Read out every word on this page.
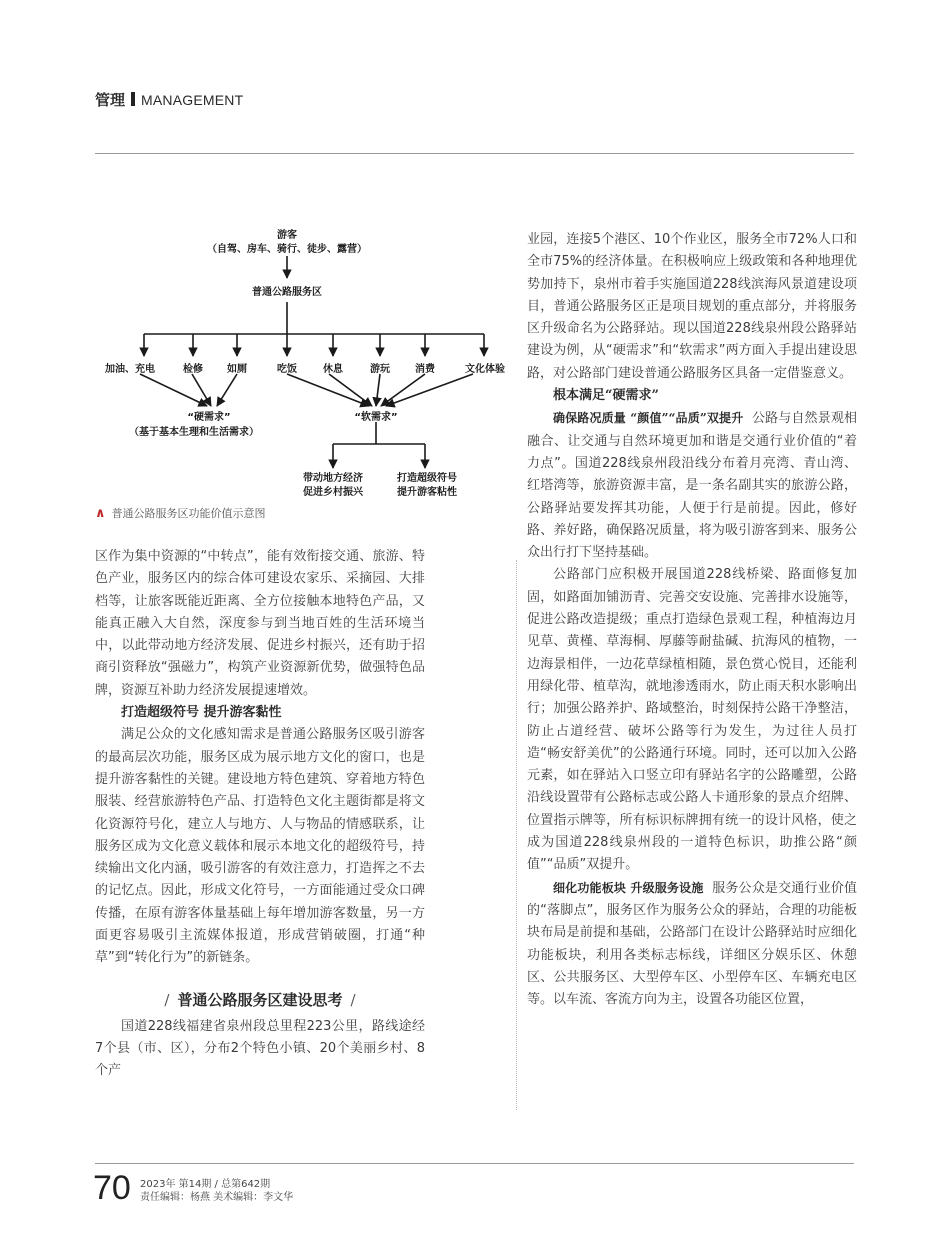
管理 MANAGEMENT
游客
（自驾、房车、骑行、徒步、露营）
普通公路服务区
加油、充电	检修 如厕	吃饭	休息	游玩	消费	文化体验
“硬需求”
（基于基本生理和生活需求）
“软需求”
带动地方经济
促进乡村振兴
打造超级符号
提升游客粘性
∧ 普通公路服务区功能价值示意图

区作为集中资源的“中转点”，能有效衔接交通、旅游、特色产业，服务区内的综合体可建设农家乐、采摘园、大排档等，让旅客既能近距离、全方位接触本地特色产品，又能真正融入大自然，深度参与到当地百姓的生活环境当中，以此带动地方经济发展、促进乡村振兴，还有助于招商引资释放“强磁力”，构筑产业资源新优势，做强特色品牌，资源互补助力经济发展提速增效。

打造超级符号 提升游客黏性

满足公众的文化感知需求是普通公路服务区吸引游客的最高层次功能，服务区成为展示地方文化的窗口，也是提升游客黏性的关键。建设地方特色建筑、穿着地方特色服装、经营旅游特色产品、打造特色文化主题街都是将文化资源符号化，建立人与地方、人与物品的情感联系，让服务区成为文化意义载体和展示本地文化的超级符号，持续输出文化内涵，吸引游客的有效注意力，打造挥之不去的记忆点。因此，形成文化符号，一方面能通过受众口碑传播，在原有游客体量基础上每年增加游客数量，另一方面更容易吸引主流媒体报道，形成营销破圈，打通“种草”到“转化行为”的新链条。

/ 普通公路服务区建设思考 /

国道228线福建省泉州段总里程223公里，路线途经7个县（市、区），分布2个特色小镇、20个美丽乡村、8个产

业园，连接5个港区、10个作业区，服务全市72%人口和全市75%的经济体量。在积极响应上级政策和各种地理优势加持下，泉州市着手实施国道228线滨海风景道建设项目，普通公路服务区正是项目规划的重点部分，并将服务区升级命名为公路驿站。现以国道228线泉州段公路驿站建设为例，从“硬需求”和“软需求”两方面入手提出建设思路，对公路部门建设普通公路服务区具备一定借鉴意义。

根本满足“硬需求”

确保路况质量 “颜值”“品质”双提升 公路与自然景观相融合、让交通与自然环境更加和谐是交通行业价值的“着力点”。国道228线泉州段沿线分布着月亮湾、青山湾、红塔湾等，旅游资源丰富，是一条名副其实的旅游公路，公路驿站要发挥其功能，人便于行是前提。因此，修好路、养好路，确保路况质量，将为吸引游客到来、服务公众出行打下坚持基础。

公路部门应积极开展国道228线桥梁、路面修复加固，如路面加铺沥青、完善交安设施、完善排水设施等，促进公路改造提级；重点打造绿色景观工程，种植海边月见草、黄槿、草海桐、厚藤等耐盐碱、抗海风的植物，一边海景相伴，一边花草绿植相随，景色赏心悦目，还能利用绿化带、植草沟，就地渗透雨水，防止雨天积水影响出行；加强公路养护、路域整治，时刻保持公路干净整洁，防止占道经营、破坏公路等行为发生，为过往人员打造“畅安舒美优”的公路通行环境。同时，还可以加入公路元素，如在驿站入口竖立印有驿站名字的公路雕塑，公路沿线设置带有公路标志或公路人卡通形象的景点介绍牌、位置指示牌等，所有标识标牌拥有统一的设计风格，使之成为国道228线泉州段的一道特色标识，助推公路“颜值”“品质”双提升。

细化功能板块 升级服务设施 服务公众是交通行业价值的“落脚点”，服务区作为服务公众的驿站，合理的功能板块布局是前提和基础，公路部门在设计公路驿站时应细化功能板块，利用各类标志标线，详细区分娱乐区、休憩区、公共服务区、大型停车区、小型停车区、车辆充电区等。以车流、客流方向为主，设置各功能区位置，

70 2023年 第14期 / 总第642期
责任编辑：杨燕 美术编辑：李文华
